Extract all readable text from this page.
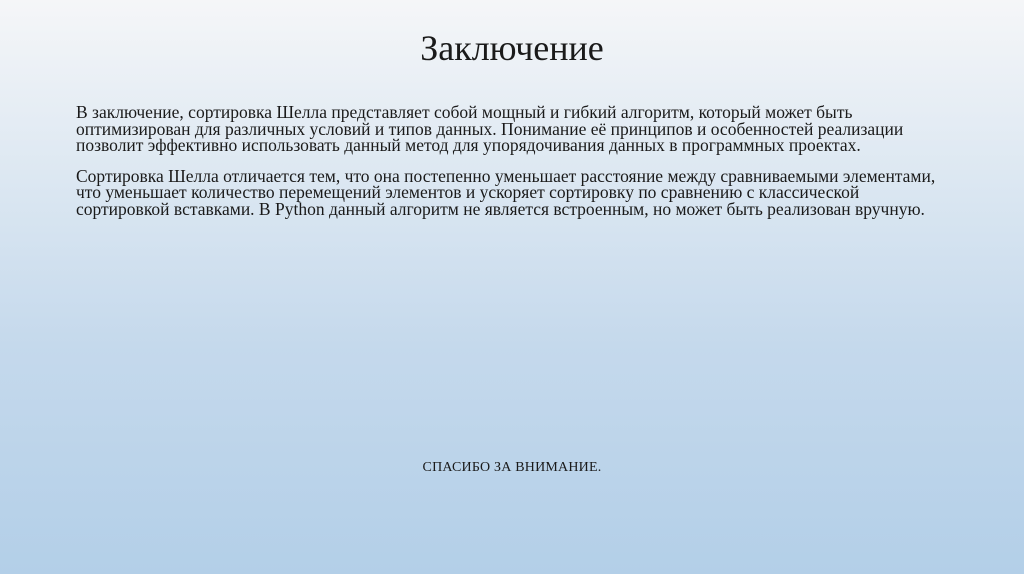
Заключение

В заключение, сортировка Шелла представляет собой мощный и гибкий алгоритм, который может быть оптимизирован для различных условий и типов данных. Понимание её принципов и особенностей реализации позволит эффективно использовать данный метод для упорядочивания данных в программных проектах.

Сортировка Шелла отличается тем, что она постепенно уменьшает расстояние между сравниваемыми элементами, что уменьшает количество перемещений элементов и ускоряет сортировку по сравнению с классической сортировкой вставками. В Python данный алгоритм не является встроенным, но может быть реализован вручную.

СПАСИБО ЗА ВНИМАНИЕ.
